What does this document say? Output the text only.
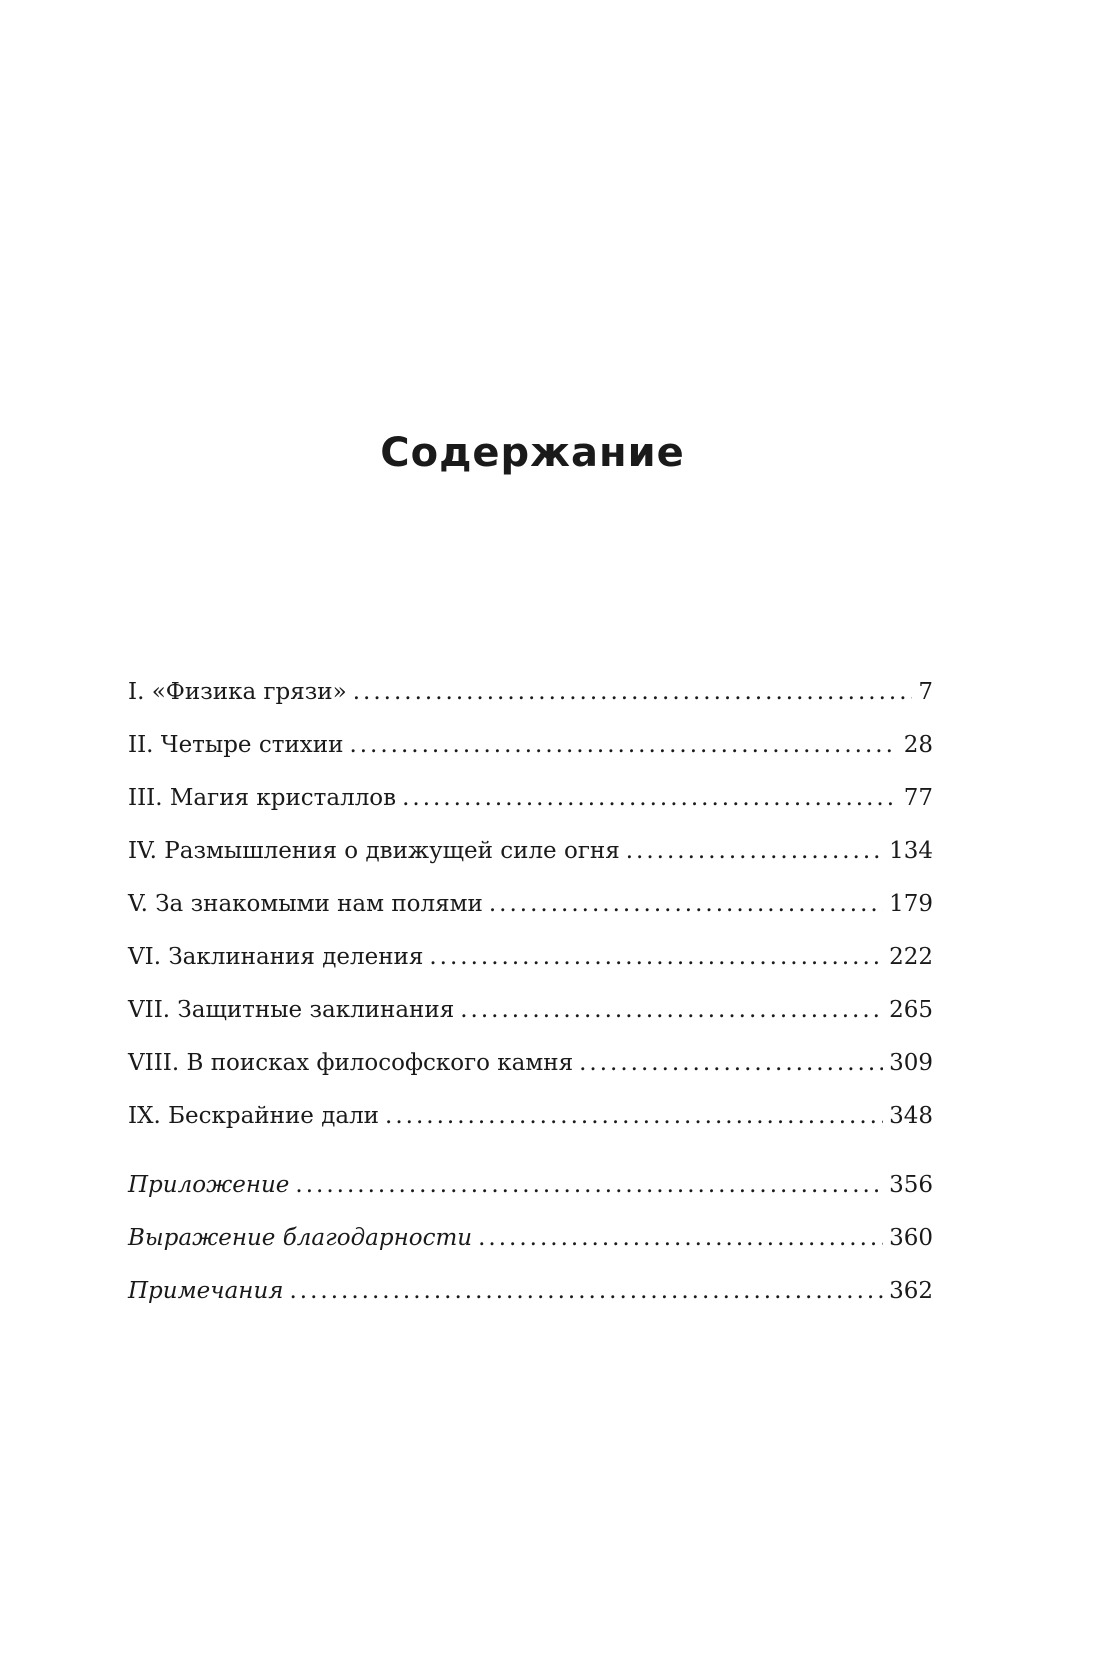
Содержание
I. «Физика грязи» .....	7
II. Четыре стихии .....	28
III. Магия кристаллов .....	77
IV. Размышления о движущей силе огня .....	134
V. За знакомыми нам полями .....	179
VI. Заклинания деления .....	222
VII. Защитные заклинания .....	265
VIII. В поисках философского камня .....	309
IX. Бескрайние дали .....	348
Приложение .....	356
Выражение благодарности .....	360
Примечания .....	362
